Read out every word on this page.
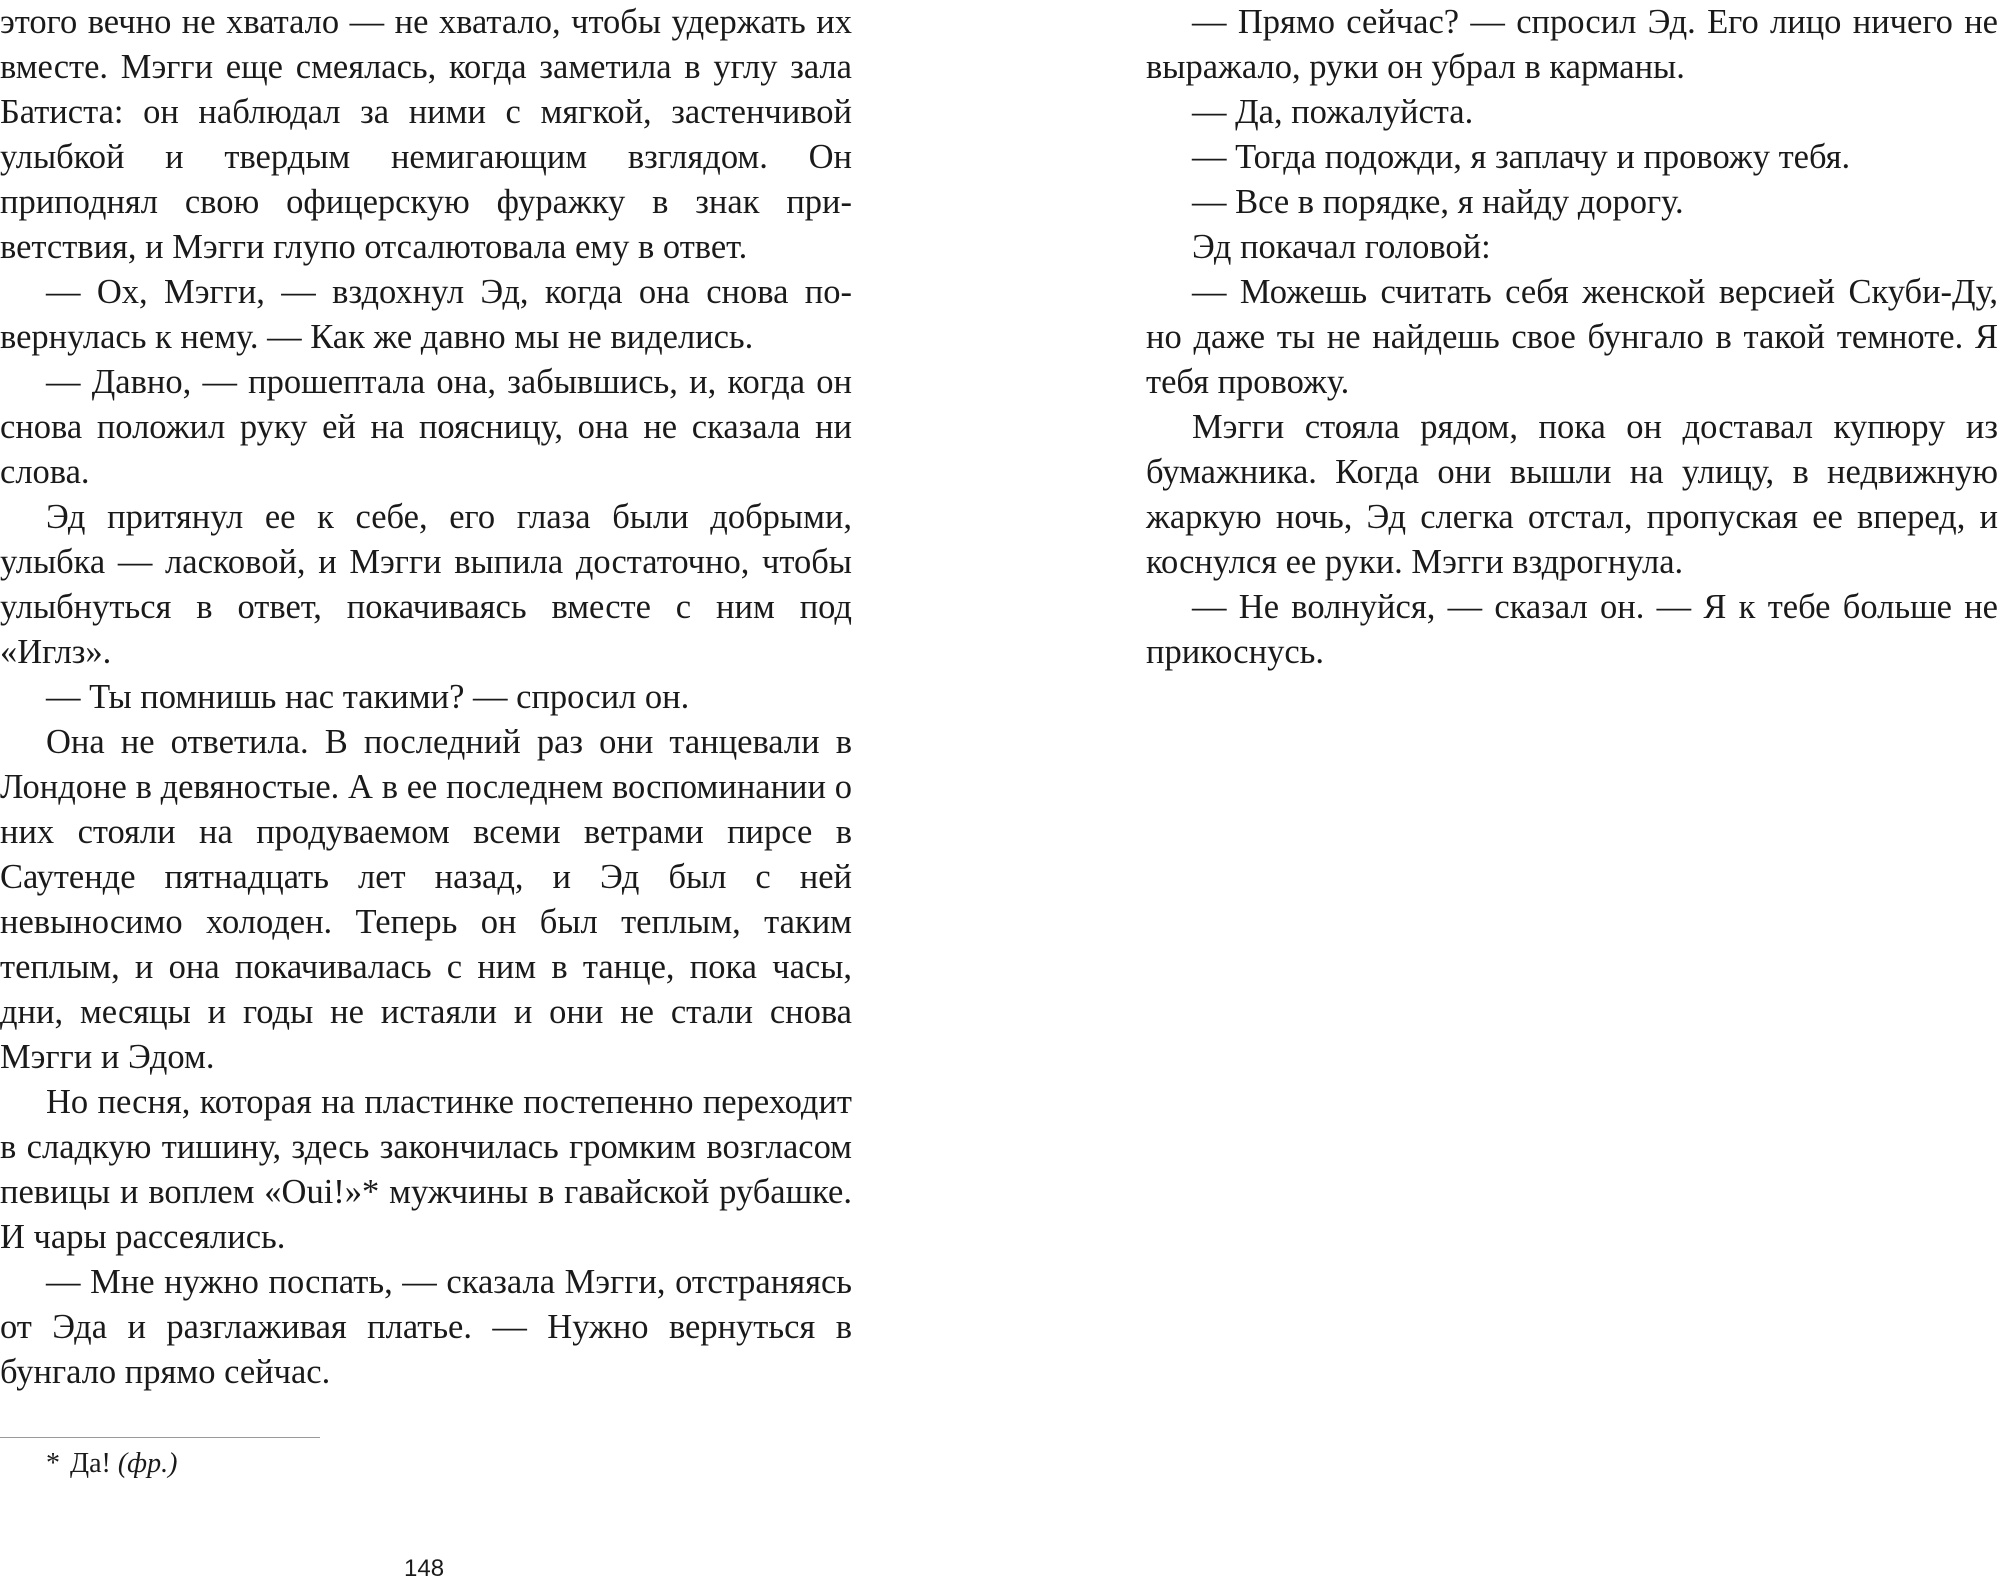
этого вечно не хватало — не хватало, чтобы удержать их вместе. Мэгги еще смеялась, когда заметила в углу зала Батиста: он наблюдал за ними с мягкой, застенчивой улыбкой и твердым немигающим взглядом. Он приподнял свою офицерскую фуражку в знак приветствия, и Мэгги глупо отсалютовала ему в ответ.

— Ох, Мэгги, — вздохнул Эд, когда она снова повернулась к нему. — Как же давно мы не виделись.

— Давно, — прошептала она, забывшись, и, когда он снова положил руку ей на поясницу, она не сказала ни слова.

Эд притянул ее к себе, его глаза были добрыми, улыбка — ласковой, и Мэгги выпила достаточно, чтобы улыбнуться в ответ, покачиваясь вместе с ним под «Иглз».

— Ты помнишь нас такими? — спросил он.

Она не ответила. В последний раз они танцевали в Лондоне в девяностые. А в ее последнем воспоминании о них стояли на продуваемом всеми ветрами пирсе в Саутенде пятнадцать лет назад, и Эд был с ней невыносимо холоден. Теперь он был теплым, таким теплым, и она покачивалась с ним в танце, пока часы, дни, месяцы и годы не истаяли и они не стали снова Мэгги и Эдом.

Но песня, которая на пластинке постепенно переходит в сладкую тишину, здесь закончилась громким возгласом певицы и воплем «Oui!»* мужчины в гавайской рубашке. И чары рассеялись.

— Мне нужно поспать, — сказала Мэгги, отстраняясь от Эда и разглаживая платье. — Нужно вернуться в бунгало прямо сейчас.

* Да! (фр.)
148

— Прямо сейчас? — спросил Эд. Его лицо ничего не выражало, руки он убрал в карманы.

— Да, пожалуйста.

— Тогда подожди, я заплачу и провожу тебя.

— Все в порядке, я найду дорогу.

Эд покачал головой:

— Можешь считать себя женской версией Скуби-Ду, но даже ты не найдешь свое бунгало в такой темноте. Я тебя провожу.

Мэгги стояла рядом, пока он доставал купюру из бумажника. Когда они вышли на улицу, в недвижную жаркую ночь, Эд слегка отстал, пропуская ее вперед, и коснулся ее руки. Мэгги вздрогнула.

— Не волнуйся, — сказал он. — Я к тебе больше не прикоснусь.
